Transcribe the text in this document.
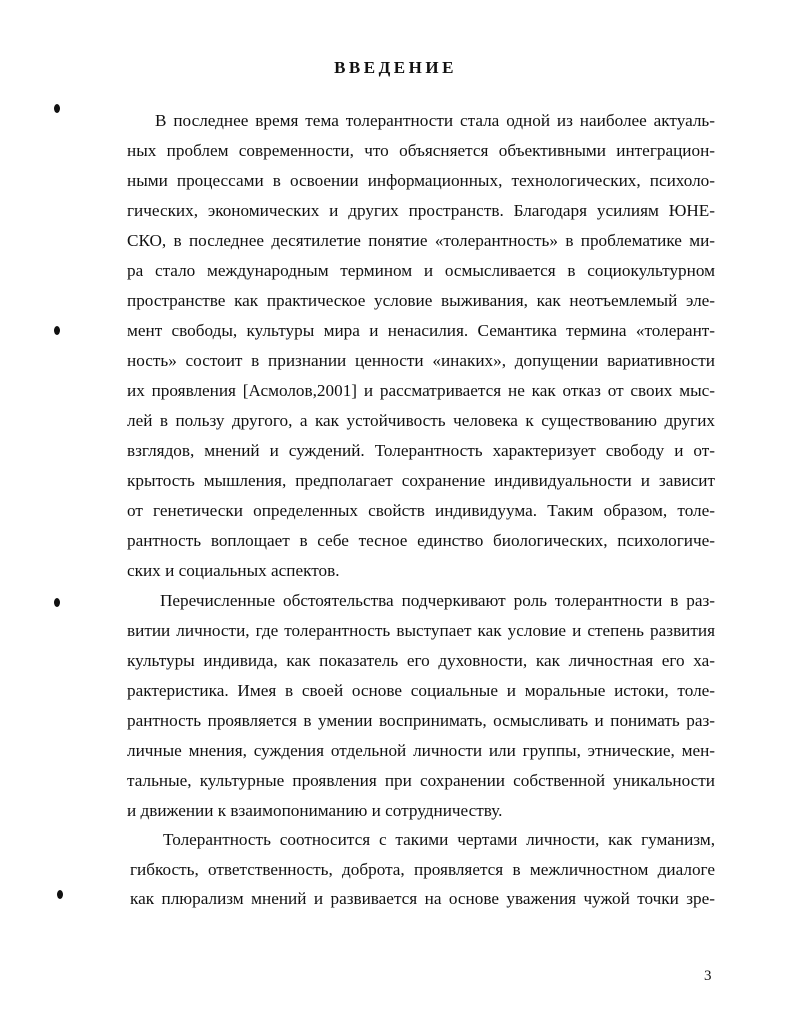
ВВЕДЕНИЕ
В последнее время тема толерантности стала одной из наиболее актуаль-
ных проблем современности, что объясняется объективными интеграцион-
ными процессами в освоении информационных, технологических, психоло-
гических, экономических и других пространств. Благодаря усилиям ЮНЕ-
СКО, в последнее десятилетие понятие «толерантность» в проблематике ми-
ра стало международным термином и осмысливается в социокультурном
пространстве как практическое условие выживания, как неотъемлемый эле-
мент свободы, культуры мира и ненасилия. Семантика термина «толерант-
ность» состоит в признании ценности «инаких», допущении вариативности
их проявления [Асмолов,2001] и рассматривается не как отказ от своих мыс-
лей в пользу другого, а как устойчивость человека к существованию других
взглядов, мнений и суждений. Толерантность характеризует свободу и от-
крытость мышления, предполагает сохранение индивидуальности и зависит
от генетически определенных свойств индивидуума. Таким образом, толе-
рантность воплощает в себе тесное единство биологических, психологиче-
ских и социальных аспектов.
Перечисленные обстоятельства подчеркивают роль толерантности в раз-
витии личности, где толерантность выступает как условие и степень развития
культуры индивида, как показатель его духовности, как личностная его ха-
рактеристика. Имея в своей основе социальные и моральные истоки, толе-
рантность проявляется в умении воспринимать, осмысливать и понимать раз-
личные мнения, суждения отдельной личности или группы, этнические, мен-
тальные, культурные проявления при сохранении собственной уникальности
и движении к взаимопониманию и сотрудничеству.
Толерантность соотносится с такими чертами личности, как гуманизм,
гибкость, ответственность, доброта, проявляется в межличностном диалоге
как плюрализм мнений и развивается на основе уважения чужой точки зре-
3
